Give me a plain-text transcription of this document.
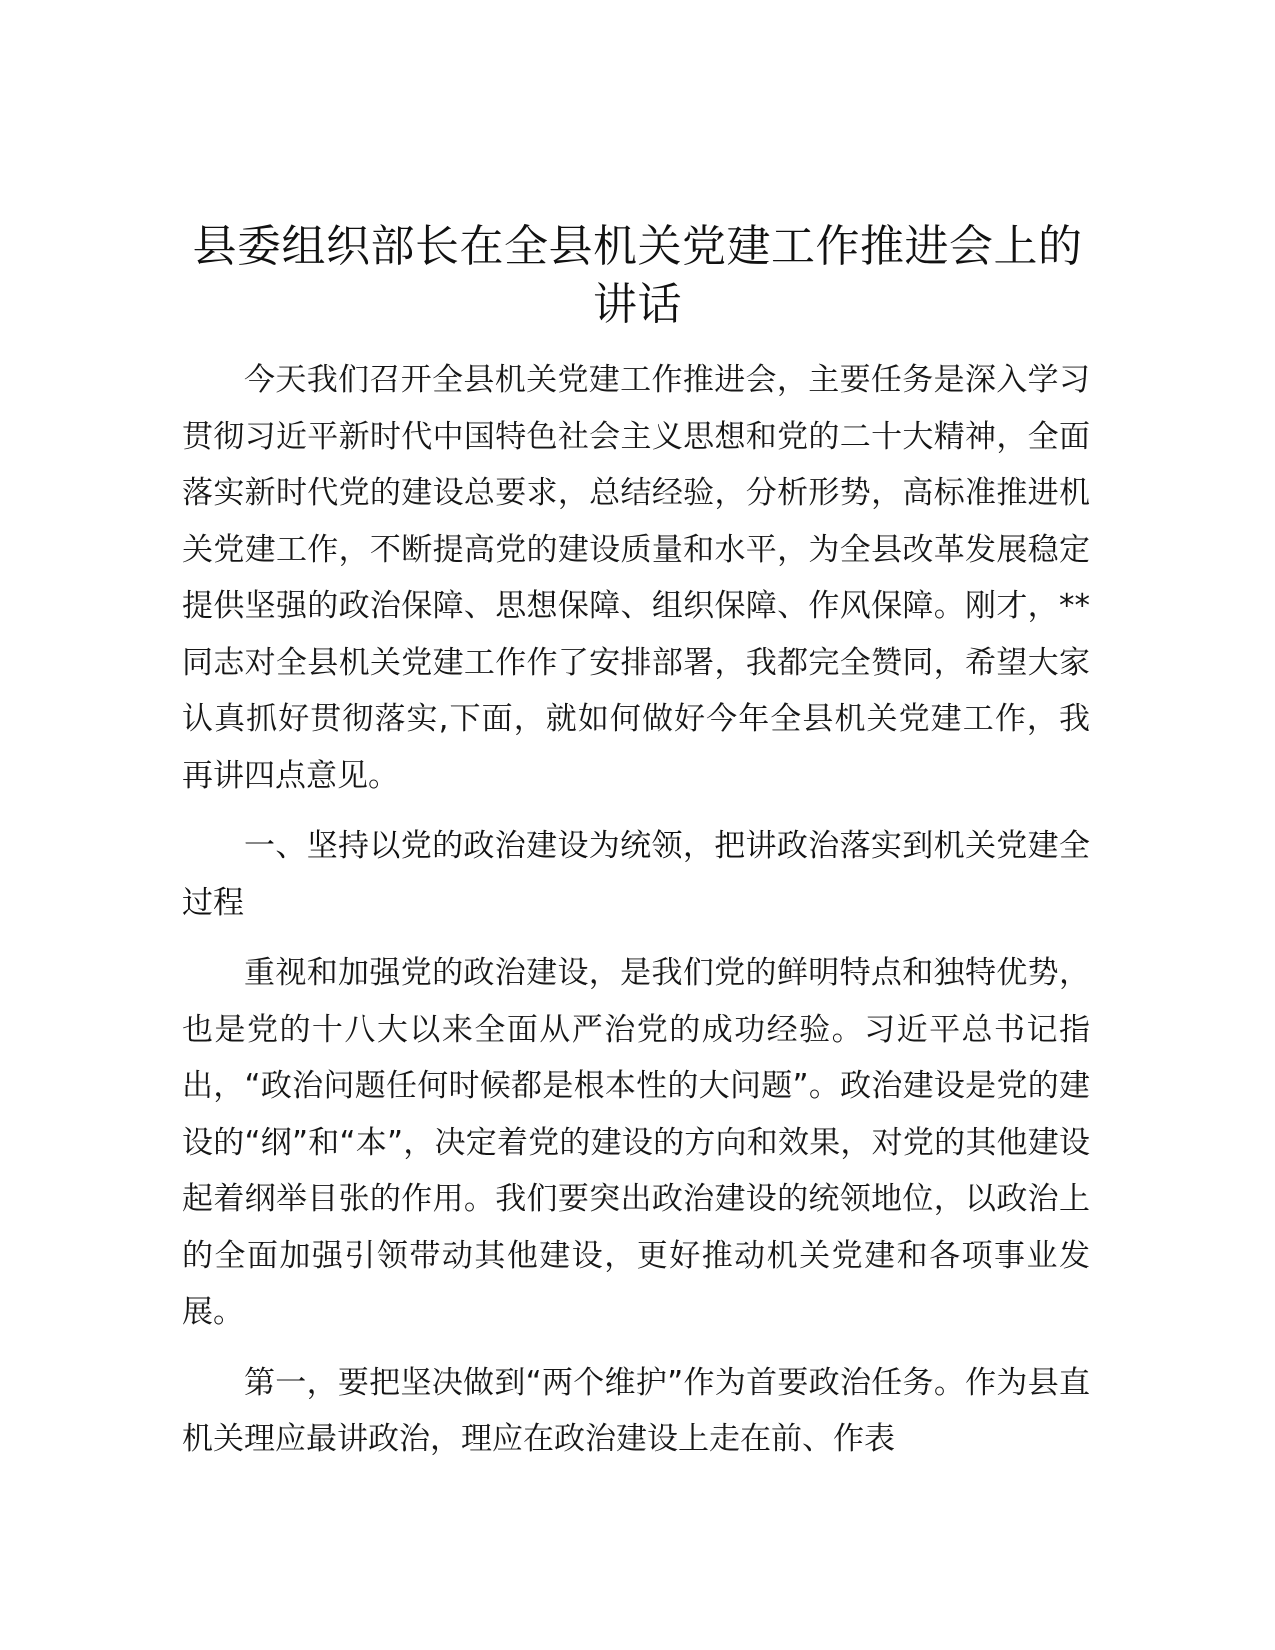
县委组织部长在全县机关党建工作推进会上的讲话

今天我们召开全县机关党建工作推进会，主要任务是深入学习贯彻习近平新时代中国特色社会主义思想和党的二十大精神，全面落实新时代党的建设总要求，总结经验，分析形势，高标准推进机关党建工作，不断提高党的建设质量和水平，为全县改革发展稳定提供坚强的政治保障、思想保障、组织保障、作风保障。刚才，**同志对全县机关党建工作作了安排部署，我都完全赞同，希望大家认真抓好贯彻落实,下面，就如何做好今年全县机关党建工作，我再讲四点意见。

一、坚持以党的政治建设为统领，把讲政治落实到机关党建全过程

重视和加强党的政治建设，是我们党的鲜明特点和独特优势，也是党的十八大以来全面从严治党的成功经验。习近平总书记指出，“政治问题任何时候都是根本性的大问题”。政治建设是党的建设的“纲”和“本”，决定着党的建设的方向和效果，对党的其他建设起着纲举目张的作用。我们要突出政治建设的统领地位，以政治上的全面加强引领带动其他建设，更好推动机关党建和各项事业发展。

第一，要把坚决做到“两个维护”作为首要政治任务。作为县直机关理应最讲政治，理应在政治建设上走在前、作表
